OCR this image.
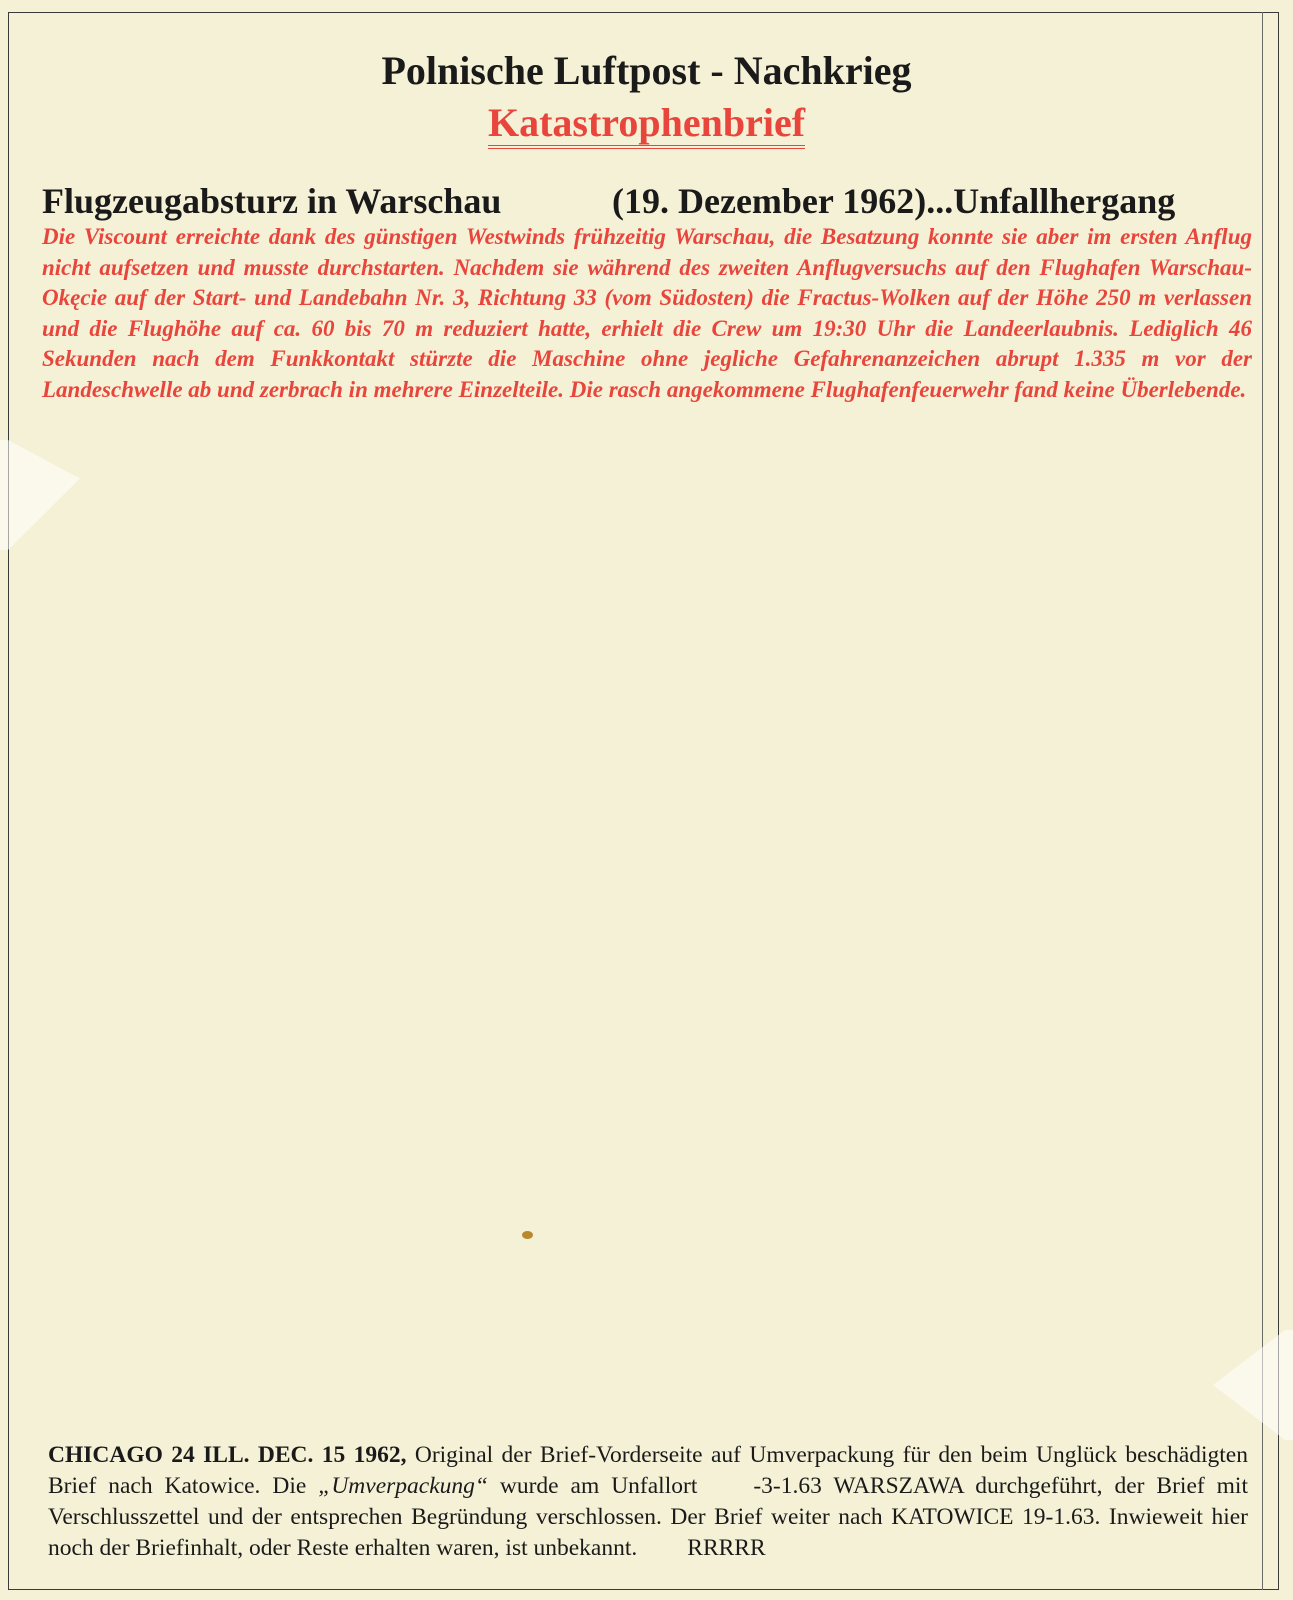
Polnische Luftpost - Nachkrieg
Katastrophenbrief
Flugzeugabsturz in Warschau	(19. Dezember 1962)...Unfallhergang

Die Viscount erreichte dank des günstigen Westwinds frühzeitig Warschau, die Besatzung konnte sie aber im ersten Anflug nicht aufsetzen und musste durchstarten. Nachdem sie während des zweiten Anflugversuchs auf den Flughafen Warschau-Okęcie auf der Start- und Landebahn Nr. 3, Richtung 33 (vom Südosten) die Fractus-Wolken auf der Höhe 250 m verlassen und die Flughöhe auf ca. 60 bis 70 m reduziert hatte, erhielt die Crew um 19:30 Uhr die Landeerlaubnis. Lediglich 46 Sekunden nach dem Funkkontakt stürzte die Maschine ohne jegliche Gefahrenanzeichen abrupt 1.335 m vor der Landeschwelle ab und zerbrach in mehrere Einzelteile. Die rasch angekommene Flughafenfeuerwehr fand keine Überlebende.

CHICAGO 24 ILL. DEC. 15 1962, Original der Brief-Vorderseite auf Umverpackung für den beim Unglück beschädigten Brief nach Katowice. Die „Umverpackung“ wurde am Unfallort -3-1.63 WARSZAWA durchgeführt, der Brief mit Verschlusszettel und der entsprechen Begründung verschlossen. Der Brief weiter nach KATOWICE 19-1.63. Inwieweit hier noch der Briefinhalt, oder Reste erhalten waren, ist unbekannt. RRRRR
